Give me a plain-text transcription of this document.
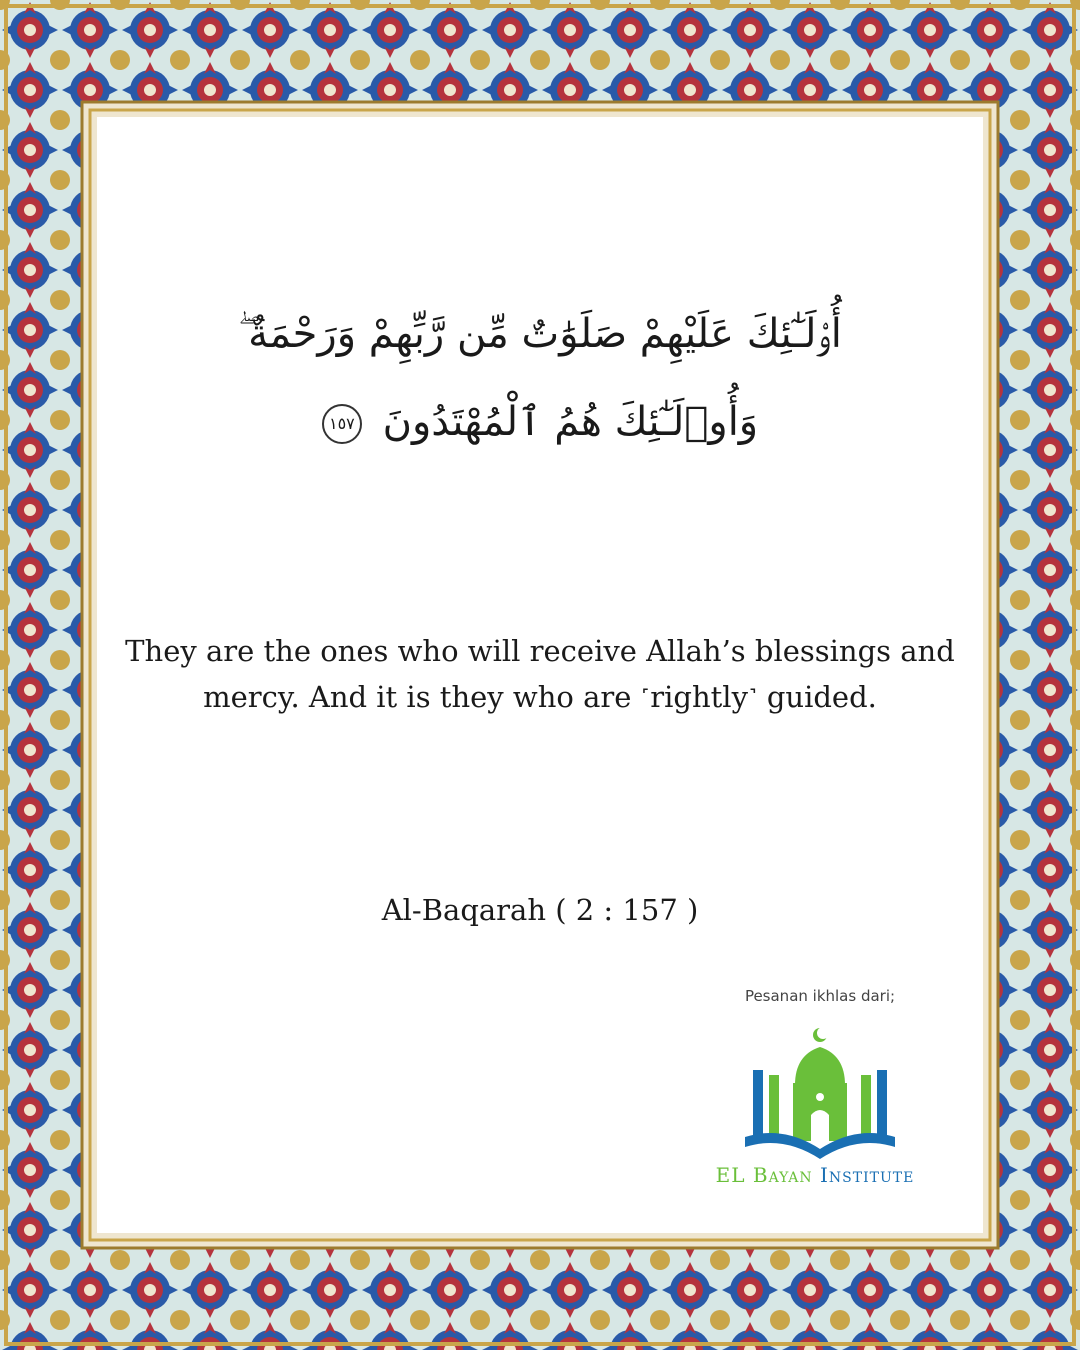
أُو۟لَـٰٓئِكَ عَلَيْهِمْ صَلَوَٰتٌ مِّن رَّبِّهِمْ وَرَحْمَةٌ ۖ
وَأُو۟لَـٰٓئِكَ هُمُ ٱلْمُهْتَدُونَ ١٥٧
They are the ones who will receive Allah’s blessings and mercy. And it is they who are ˹rightly˺ guided.
Al-Baqarah ( 2 : 157 )
Pesanan ikhlas dari;
EL Bayan Institute
